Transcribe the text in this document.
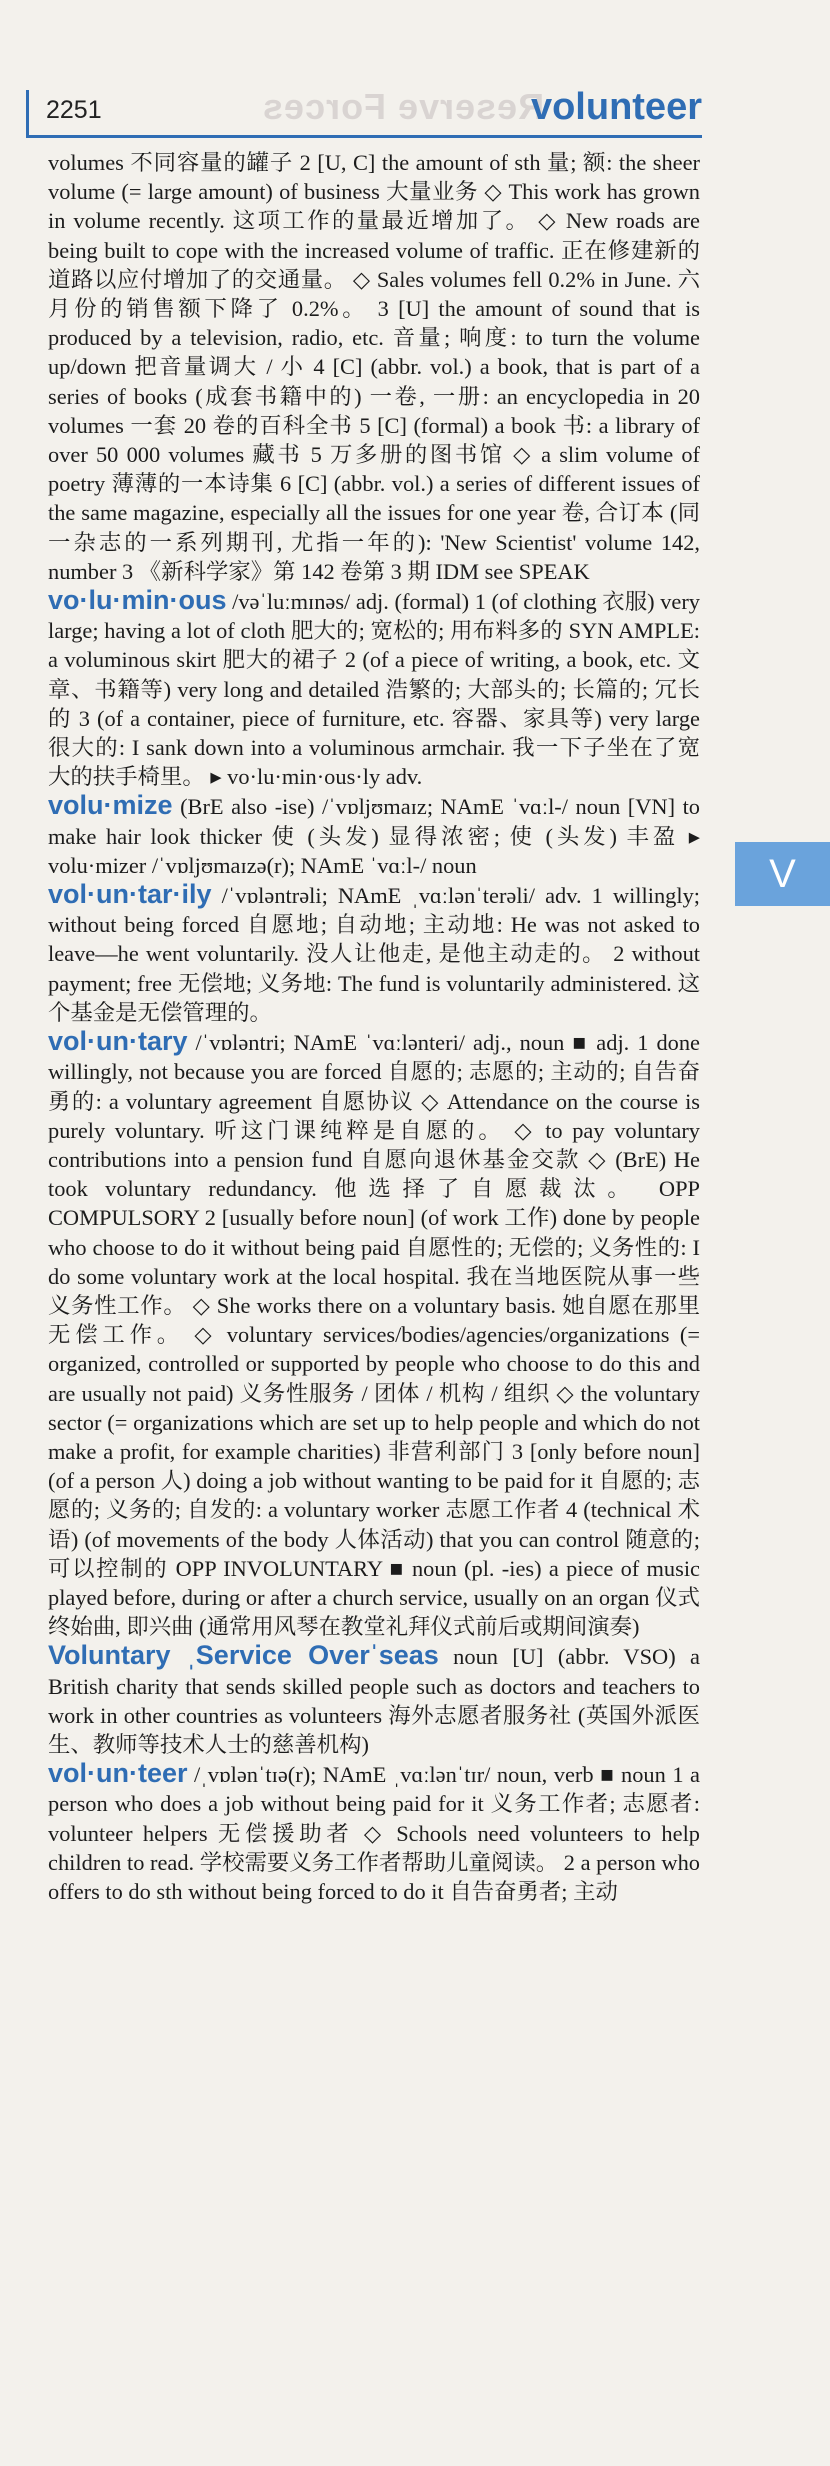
Reserve Forces
2251	volunteer
V

volumes 不同容量的罐子 2 [U, C] the amount of sth 量; 额: the sheer volume (= large amount) of business 大量业务 ◇ This work has grown in volume recently. 这项工作的量最近增加了。 ◇ New roads are being built to cope with the increased volume of traffic. 正在修建新的道路以应付增加了的交通量。 ◇ Sales volumes fell 0.2% in June. 六月份的销售额下降了 0.2%。 3 [U] the amount of sound that is produced by a television, radio, etc. 音量; 响度: to turn the volume up/down 把音量调大 / 小 4 [C] (abbr. vol.) a book, that is part of a series of books (成套书籍中的) 一卷, 一册: an encyclopedia in 20 volumes 一套 20 卷的百科全书 5 [C] (formal) a book 书: a library of over 50 000 volumes 藏书 5 万多册的图书馆 ◇ a slim volume of poetry 薄薄的一本诗集 6 [C] (abbr. vol.) a series of different issues of the same magazine, especially all the issues for one year 卷, 合订本 (同一杂志的一系列期刊, 尤指一年的): 'New Scientist' volume 142, number 3 《新科学家》第 142 卷第 3 期 IDM see SPEAK

vo·lu·min·ous /vəˈluːmɪnəs/ adj. (formal) 1 (of clothing 衣服) very large; having a lot of cloth 肥大的; 宽松的; 用布料多的 SYN AMPLE: a voluminous skirt 肥大的裙子 2 (of a piece of writing, a book, etc. 文章、书籍等) very long and detailed 浩繁的; 大部头的; 长篇的; 冗长的 3 (of a container, piece of furniture, etc. 容器、家具等) very large 很大的: I sank down into a voluminous armchair. 我一下子坐在了宽大的扶手椅里。 ▸ vo·lu·min·ous·ly adv.

volu·mize (BrE also -ise) /ˈvɒljʊmaɪz; NAmE ˈvɑːl-/ noun [VN] to make hair look thicker 使 (头发) 显得浓密; 使 (头发) 丰盈 ▸ volu·mizer /ˈvɒljʊmaɪzə(r); NAmE ˈvɑːl-/ noun

vol·un·tar·ily /ˈvɒləntrəli; NAmE ˌvɑːlənˈterəli/ adv. 1 willingly; without being forced 自愿地; 自动地; 主动地: He was not asked to leave—he went voluntarily. 没人让他走, 是他主动走的。 2 without payment; free 无偿地; 义务地: The fund is voluntarily administered. 这个基金是无偿管理的。

vol·un·tary /ˈvɒləntri; NAmE ˈvɑːlənteri/ adj., noun ■ adj. 1 done willingly, not because you are forced 自愿的; 志愿的; 主动的; 自告奋勇的: a voluntary agreement 自愿协议 ◇ Attendance on the course is purely voluntary. 听这门课纯粹是自愿的。 ◇ to pay voluntary contributions into a pension fund 自愿向退休基金交款 ◇ (BrE) He took voluntary redundancy. 他选择了自愿裁汰。 OPP COMPULSORY 2 [usually before noun] (of work 工作) done by people who choose to do it without being paid 自愿性的; 无偿的; 义务性的: I do some voluntary work at the local hospital. 我在当地医院从事一些义务性工作。 ◇ She works there on a voluntary basis. 她自愿在那里无偿工作。 ◇ voluntary services/bodies/agencies/organizations (= organized, controlled or supported by people who choose to do this and are usually not paid) 义务性服务 / 团体 / 机构 / 组织 ◇ the voluntary sector (= organizations which are set up to help people and which do not make a profit, for example charities) 非营利部门 3 [only before noun] (of a person 人) doing a job without wanting to be paid for it 自愿的; 志愿的; 义务的; 自发的: a voluntary worker 志愿工作者 4 (technical 术语) (of movements of the body 人体活动) that you can control 随意的; 可以控制的 OPP INVOLUNTARY ■ noun (pl. -ies) a piece of music played before, during or after a church service, usually on an organ 仪式终始曲, 即兴曲 (通常用风琴在教堂礼拜仪式前后或期间演奏)

Voluntary ˌService Overˈseas noun [U] (abbr. VSO) a British charity that sends skilled people such as doctors and teachers to work in other countries as volunteers 海外志愿者服务社 (英国外派医生、教师等技术人士的慈善机构)

vol·un·teer /ˌvɒlənˈtɪə(r); NAmE ˌvɑːlənˈtɪr/ noun, verb ■ noun 1 a person who does a job without being paid for it 义务工作者; 志愿者: volunteer helpers 无偿援助者 ◇ Schools need volunteers to help children to read. 学校需要义务工作者帮助儿童阅读。 2 a person who offers to do sth without being forced to do it 自告奋勇者; 主动
